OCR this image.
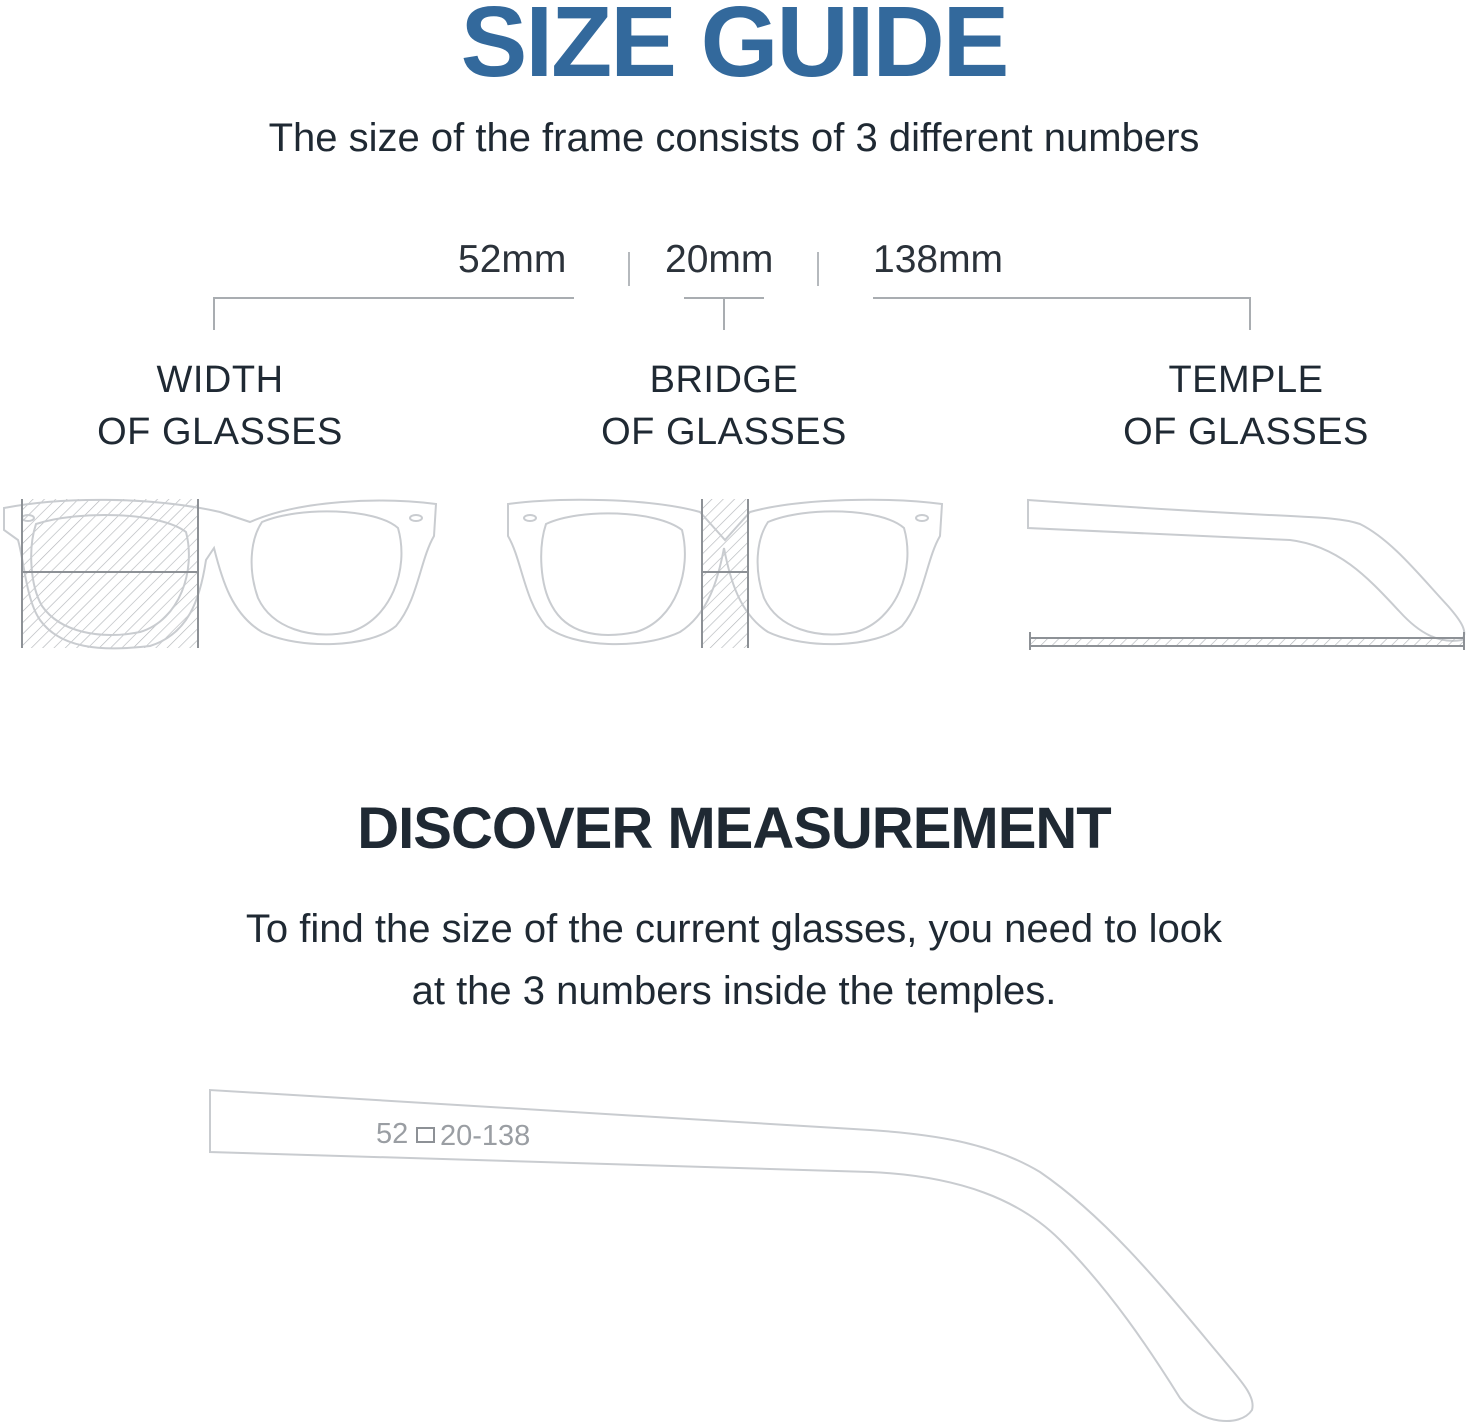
SIZE GUIDE
The size of the frame consists of 3 different numbers
52mm	20mm	138mm
WIDTH
OF GLASSES
BRIDGE
OF GLASSES
TEMPLE
OF GLASSES
52 20-138
DISCOVER MEASUREMENT
To find the size of the current glasses, you need to look
at the 3 numbers inside the temples.
